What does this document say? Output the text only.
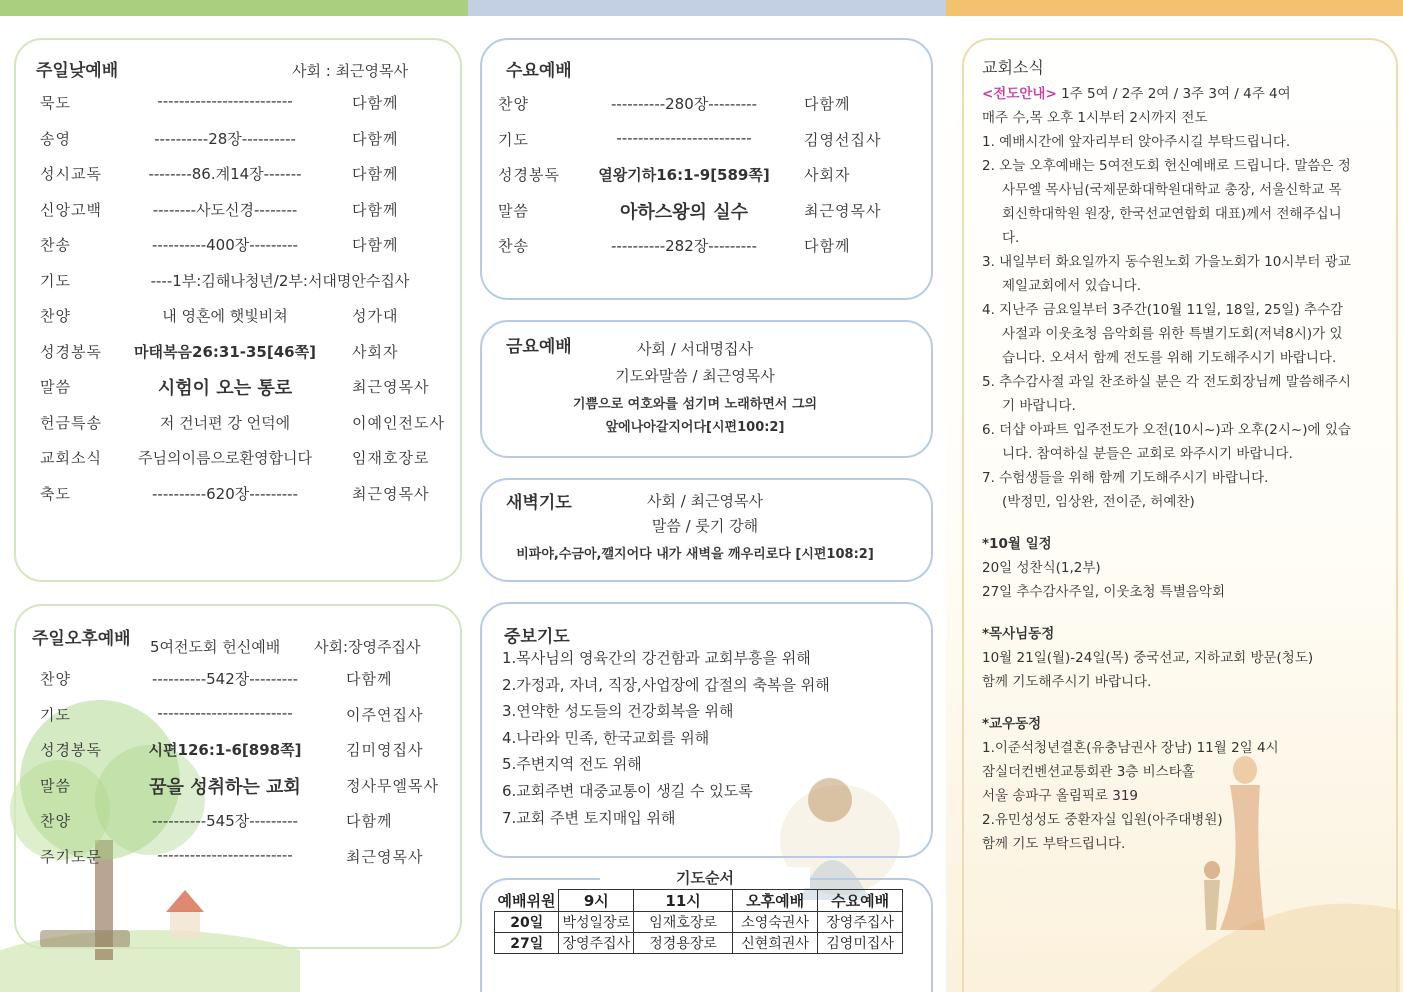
주일낮예배	사회 : 최근영목사
묵도	-------------------------	다함께
송영	----------28장----------	다함께
성시교독	--------86.계14장-------	다함께
신앙고백	--------사도신경--------	다함께
찬송	----------400장---------	다함께
기도	----1부:김해나청년/2부:서대명안수집사
찬양	내 영혼에 햇빛비쳐	성가대
성경봉독	마태복음26:31-35[46쪽]	사회자
말씀	시험이 오는 통로	최근영목사
헌금특송	저 건너편 강 언덕에	이예인전도사
교회소식	주님의이름으로환영합니다	임재호장로
축도	----------620장---------	최근영목사
주일오후예배 5여전도회 헌신예배 사회:장영주집사
찬양	----------542장---------	다함께
기도	-------------------------	이주연집사
성경봉독	시편126:1-6[898쪽]	김미영집사
말씀	꿈을 성취하는 교회	정사무엘목사
찬양	----------545장---------	다함께
주기도문	-------------------------	최근영목사
수요예배
찬양	----------280장---------	다함께
기도	-------------------------	김영선집사
성경봉독	열왕기하16:1-9[589쪽]	사회자
말씀	아하스왕의 실수	최근영목사
찬송	----------282장---------	다함께
금요예배	사회 / 서대명집사
기도와말씀 / 최근영목사
기쁨으로 여호와를 섬기며 노래하면서 그의
앞에나아갈지어다[시편100:2]
새벽기도	사회 / 최근영목사
말씀 / 룻기 강해
비파야,수금아,깰지어다 내가 새벽을 깨우리로다 [시편108:2]
중보기도
1.목사님의 영육간의 강건함과 교회부흥을 위해
2.가정과, 자녀, 직장,사업장에 갑절의 축복을 위해
3.연약한 성도들의 건강회복을 위해
4.나라와 민족, 한국교회를 위해
5.주변지역 전도 위해
6.교회주변 대중교통이 생길 수 있도록
7.교회 주변 토지매입 위해
기도순서
예배위원	9시	11시	오후예배	수요예배
20일	박성일장로	임재호장로	소영숙권사	장영주집사
27일	장영주집사	정경용장로	신현희권사	김영미집사
교회소식
<전도안내> 1주 5여 / 2주 2여 / 3주 3여 / 4주 4여
매주 수,목 오후 1시부터 2시까지 전도
1. 예배시간에 앞자리부터 앉아주시길 부탁드립니다.
2. 오늘 오후예배는 5여전도회 헌신예배로 드립니다. 말씀은 정사무엘 목사님(국제문화대학원대학교 총장, 서울신학교 목회신학대학원 원장, 한국선교연합회 대표)께서 전해주십니다.
3. 내일부터 화요일까지 동수원노회 가을노회가 10시부터 광교제일교회에서 있습니다.
4. 지난주 금요일부터 3주간(10월 11일, 18일, 25일) 추수감사절과 이웃초청 음악회를 위한 특별기도회(저녁8시)가 있습니다. 오셔서 함께 전도를 위해 기도해주시기 바랍니다.
5. 추수감사절 과일 찬조하실 분은 각 전도회장님께 말씀해주시기 바랍니다.
6. 더샵 아파트 입주전도가 오전(10시~)과 오후(2시~)에 있습니다. 참여하실 분들은 교회로 와주시기 바랍니다.
7. 수험생들을 위해 함께 기도해주시기 바랍니다.
(박정민, 임상완, 전이준, 허예찬)
*10월 일정
20일 성찬식(1,2부)
27일 추수감사주일, 이웃초청 특별음악회
*목사님동정
10월 21일(월)-24일(목) 중국선교, 지하교회 방문(청도)
함께 기도해주시기 바랍니다.
*교우동정
1.이준석청년결혼(유충남권사 장남) 11월 2일 4시
잠실더컨벤션교통회관 3층 비스타홀
서울 송파구 올림픽로 319
2.유민성성도 중환자실 입원(아주대병원)
함께 기도 부탁드립니다.
